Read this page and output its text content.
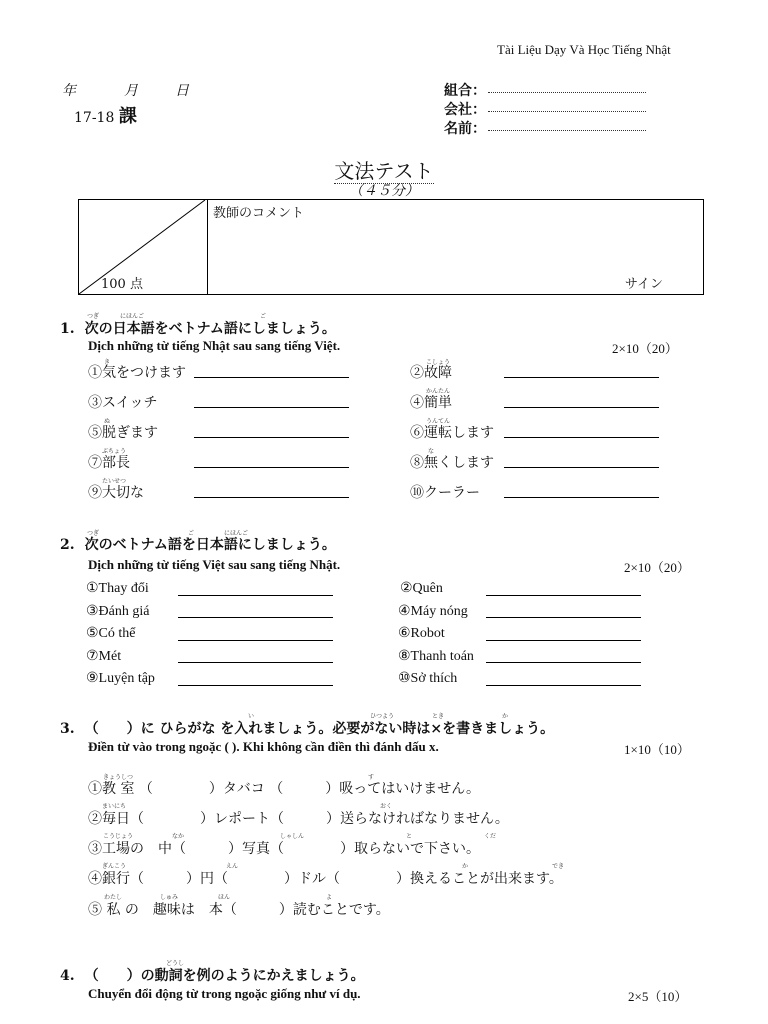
Tài Liệu Dạy Và Học Tiếng Nhật
年	月	日
17-18 課
組合：
会社：
名前：
文法テスト
（４５分）
100 点
教師のコメント
サイン
つぎ	にほんご	ご
1. 次の日本語をベトナム語にしましょう。
Dịch những từ tiếng Nhật sau sang tiếng Việt.	2×10（20）
き	こしょう
かんたん
ぬ	うんてん
ぶちょう	な
たいせつ
①気をつけます	②故障
③スイッチ	④簡単
⑤脱ぎます	⑥運転します
⑦部長	⑧無くします
⑨大切な	⑩クーラー
つぎ	ご	にほんご
2. 次のベトナム語を日本語にしましょう。
Dịch những từ tiếng Việt sau sang tiếng Nhật.	2×10（20）
①Thay đổi	②Quên
③Đánh giá	④Máy nóng
⑤Có thể	⑥Robot
⑦Mét	⑧Thanh toán
⑨Luyện tập	⑩Sở thích
い	ひつよう	とき	か
3. （　　）に ひらがな を入れましょう。必要がない時は×を書きましょう。
Điền từ vào trong ngoặc ( ). Khi không cần điền thì đánh dấu x.	1×10（10）
きょうしつ	す
まいにち	おく
こうじょう	なか	しゃしん	と	くだ
ぎんこう	えん	か	でき
わたし	しゅみ	ほん	よ
①教 室 （　　　　）タバコ （　　　）吸ってはいけません。
②毎日（　　　　）レポート（　　　）送らなければなりません。
③工場の　中（　　　）写真（　　　　）取らないで下さい。
④銀行（　　　）円（　　　　）ドル（　　　　）換えることが出来ます。
⑤ 私 の　趣味は　本（　　　）読むことです。
どうし
4. （　　）の動詞を例のようにかえましょう。
Chuyển đổi động từ trong ngoặc giống như ví dụ.	2×5（10）
